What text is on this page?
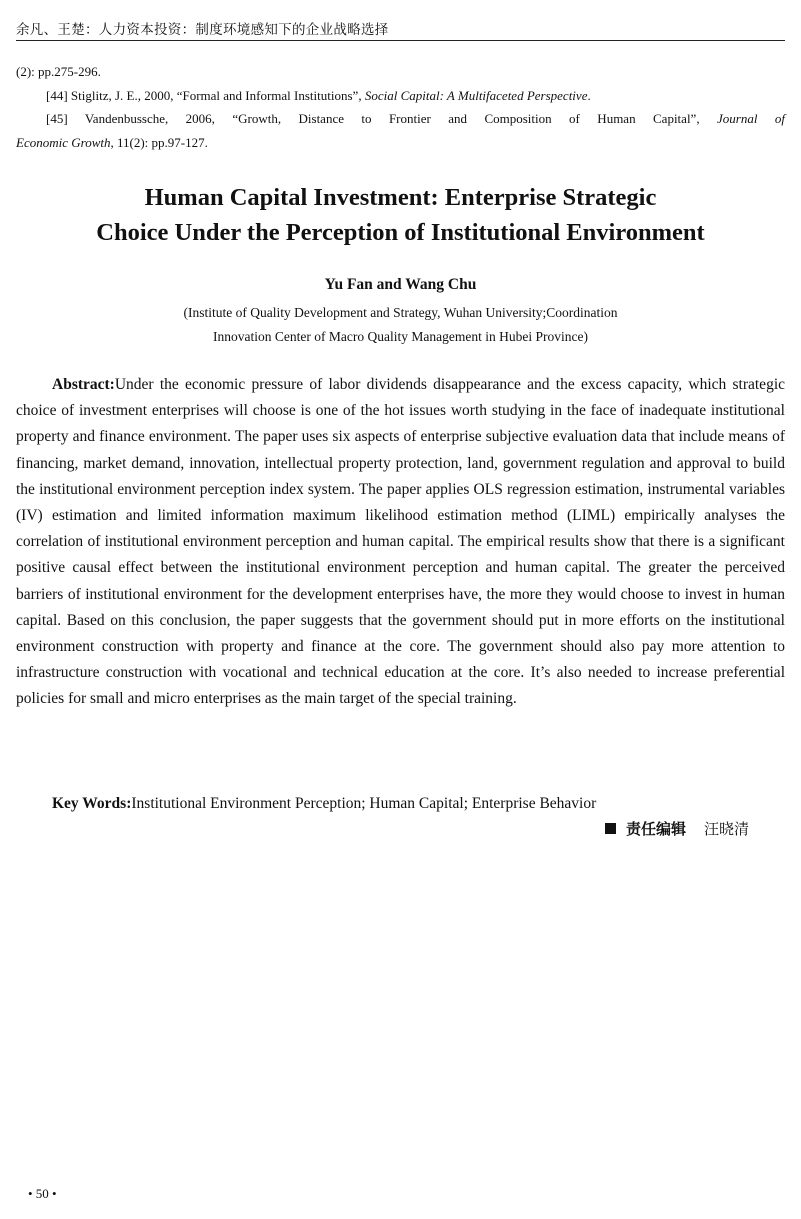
余凡、王楚：人力资本投资：制度环境感知下的企业战略选择

(2): pp.275-296.

[44] Stiglitz, J. E., 2000, “Formal and Informal Institutions”, Social Capital: A Multifaceted Perspective.

[45] Vandenbussche, 2006, “Growth, Distance to Frontier and Composition of Human Capital”, Journal of

Economic Growth, 11(2): pp.97-127.

Human Capital Investment: Enterprise Strategic
Choice Under the Perception of Institutional Environment
Yu Fan and Wang Chu
(Institute of Quality Development and Strategy, Wuhan University;Coordination
Innovation Center of Macro Quality Management in Hubei Province)

Abstract:Under the economic pressure of labor dividends disappearance and the excess capacity, which strategic choice of investment enterprises will choose is one of the hot issues worth studying in the face of inadequate institutional property and finance environment. The paper uses six aspects of enterprise subjective evaluation data that include means of financing, market demand, innovation, intellectual property protection, land, government regulation and approval to build the institutional environment perception index system. The paper applies OLS regression estimation, instrumental variables (IV) estimation and limited information maximum likelihood estimation method (LIML) empirically analyses the correlation of institutional environment perception and human capital. The empirical results show that there is a significant positive causal effect between the institutional environment perception and human capital. The greater the perceived barriers of institutional environment for the development enterprises have, the more they would choose to invest in human capital. Based on this conclusion, the paper suggests that the government should put in more efforts on the institutional environment construction with property and finance at the core. The government should also pay more attention to infrastructure construction with vocational and technical education at the core. It’s also needed to increase preferential policies for small and micro enterprises as the main target of the special training.

Key Words:Institutional Environment Perception; Human Capital; Enterprise Behavior
责任编辑 汪晓清
• 50 •
